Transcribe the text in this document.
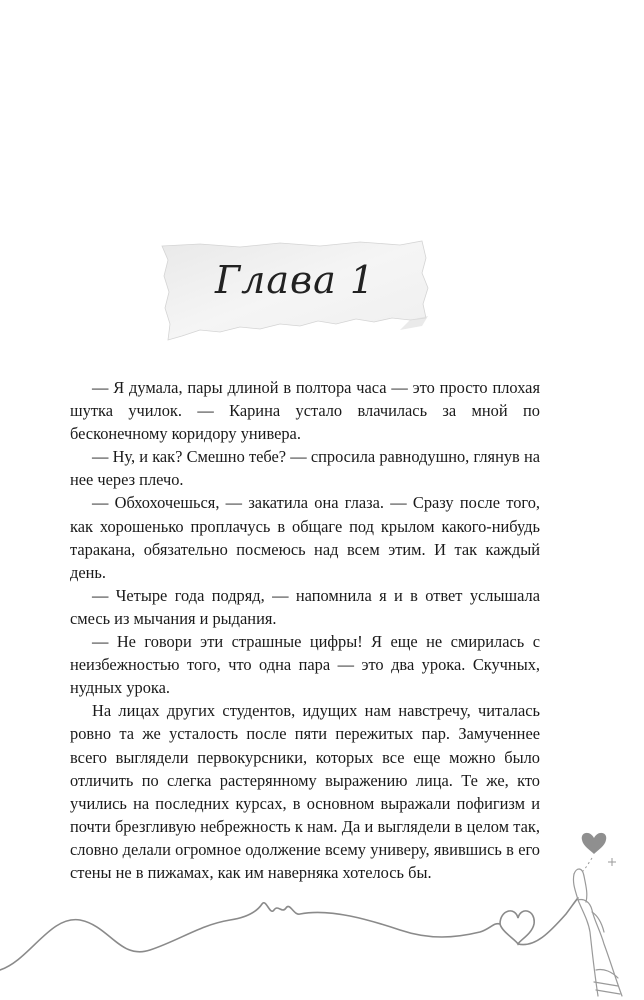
Глава 1

— Я думала, пары длиной в полтора часа — это просто плохая шутка училок. — Карина устало влачилась за мной по бесконечному коридору универа.

— Ну, и как? Смешно тебе? — спросила равнодушно, глянув на нее через плечо.

— Обхохочешься, — закатила она глаза. — Сразу после того, как хорошенько проплачусь в общаге под крылом какого-нибудь таракана, обязательно посмеюсь над всем этим. И так каждый день.

— Четыре года подряд, — напомнила я и в ответ услышала смесь из мычания и рыдания.

— Не говори эти страшные цифры! Я еще не смирилась с неизбежностью того, что одна пара — это два урока. Скучных, нудных урока.

На лицах других студентов, идущих нам навстречу, читалась ровно та же усталость после пяти пережитых пар. Замученнее всего выглядели первокурсники, которых все еще можно было отличить по слегка растерянному выражению лица. Те же, кто учились на последних курсах, в основном выражали пофигизм и почти брезгливую небрежность к нам. Да и выглядели в целом так, словно делали огромное одолжение всему универу, явившись в его стены не в пижамах, как им наверняка хотелось бы.
